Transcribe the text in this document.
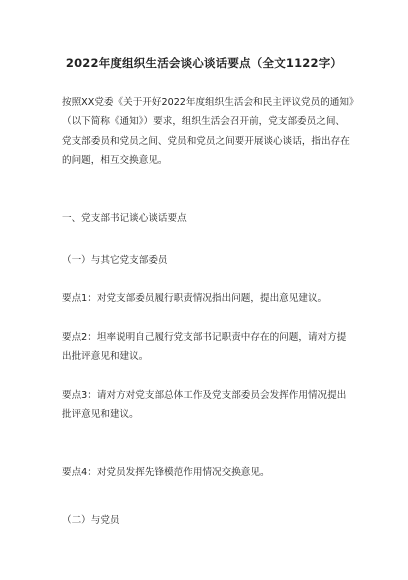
2022年度组织生活会谈心谈话要点（全文1122字）
按照XX党委《关于开好2022年度组织生活会和民主评议党员的通知》（以下简称《通知》）要求，组织生活会召开前，党支部委员之间、党支部委员和党员之间、党员和党员之间要开展谈心谈话，指出存在的问题，相互交换意见。
一、党支部书记谈心谈话要点
（一）与其它党支部委员
要点1：对党支部委员履行职责情况指出问题，提出意见建议。
要点2：坦率说明自己履行党支部书记职责中存在的问题，请对方提出批评意见和建议。
要点3：请对方对党支部总体工作及党支部委员会发挥作用情况提出批评意见和建议。
要点4：对党员发挥先锋模范作用情况交换意见。
（二）与党员
